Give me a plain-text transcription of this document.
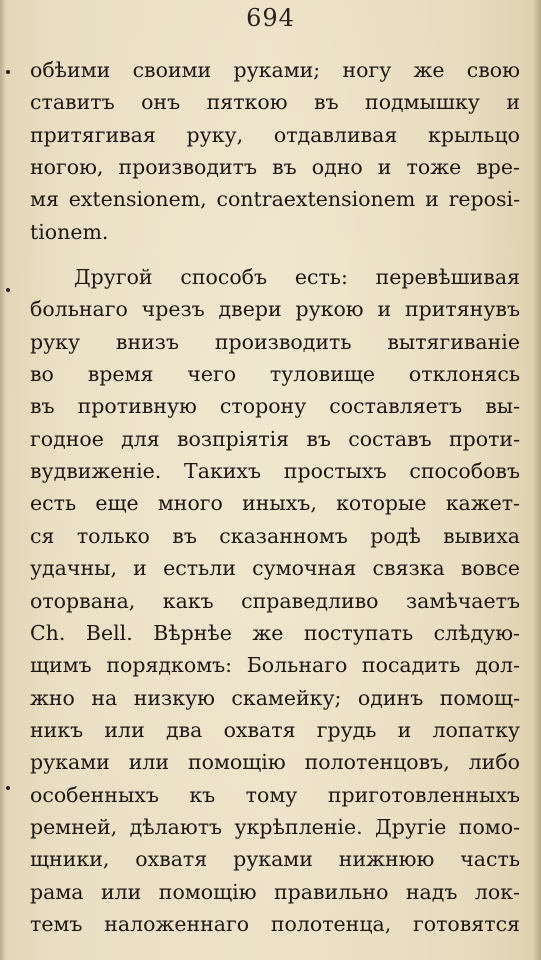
694
обѣими своими руками; ногу же свою
ставитъ онъ пяткою въ подмышку и
притягивая руку, отдавливая крыльцо
ногою, производитъ въ одно и тоже вре-
мя extensionem, contraextensionem и reposi-
tionem.
Другой способъ есть: перевѣшивая
больнаго чрезъ двери рукою и притянувъ
руку внизъ производить вытягиванiе
во время чего туловище отклонясь
въ противную сторону составляетъ вы-
годное для возпрiятiя въ составъ проти-
вудвиженiе. Такихъ простыхъ способовъ
есть еще много иныхъ, которые кажет-
ся только въ сказанномъ родѣ вывиха
удачны, и естьли сумочная связка вовсе
оторвана, какъ справедливо замѣчаетъ
Ch. Bell. Вѣрнѣе же поступать слѣдую-
щимъ порядкомъ: Больнаго посадить дол-
жно на низкую скамейку; одинъ помощ-
никъ или два охватя грудь и лопатку
руками или помощiю полотенцовъ, либо
особенныхъ къ тому приготовленныхъ
ремней, дѣлаютъ укрѣпленiе. Другiе помо-
щники, охватя руками нижнюю часть
рама или помощiю правильно надъ лок-
темъ наложеннаго полотенца, готовятся
